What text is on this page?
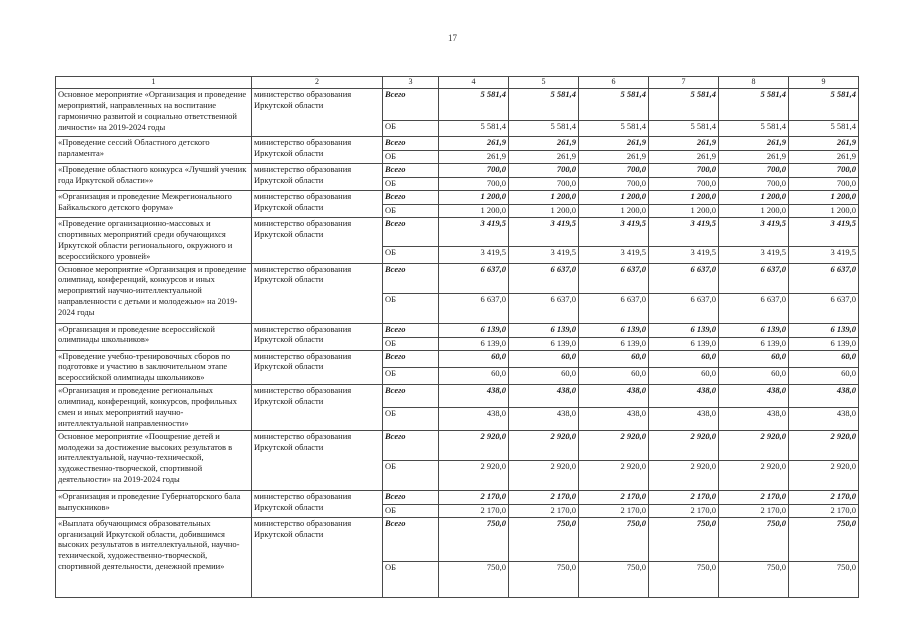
17
1	2	3	4	5	6	7	8	9
Основное мероприятие «Организация и проведение мероприятий, направленных на воспитание гармонично развитой и социально ответственной личности» на 2019-2024 годы	министерство образования Иркутской области	Всего	5 581,4	5 581,4	5 581,4	5 581,4	5 581,4	5 581,4
		ОБ	5 581,4	5 581,4	5 581,4	5 581,4	5 581,4	5 581,4
«Проведение сессий Областного детского парламента»	министерство образования Иркутской области	Всего	261,9	261,9	261,9	261,9	261,9	261,9
		ОБ	261,9	261,9	261,9	261,9	261,9	261,9
«Проведение областного конкурса «Лучший ученик года Иркутской области»»	министерство образования Иркутской области	Всего	700,0	700,0	700,0	700,0	700,0	700,0
		ОБ	700,0	700,0	700,0	700,0	700,0	700,0
«Организация и проведение Межрегионального Байкальского детского форума»	министерство образования Иркутской области	Всего	1 200,0	1 200,0	1 200,0	1 200,0	1 200,0	1 200,0
		ОБ	1 200,0	1 200,0	1 200,0	1 200,0	1 200,0	1 200,0
«Проведение организационно-массовых и спортивных мероприятий среди обучающихся Иркутской области регионального, окружного и всероссийского уровней»	министерство образования Иркутской области	Всего	3 419,5	3 419,5	3 419,5	3 419,5	3 419,5	3 419,5
		ОБ	3 419,5	3 419,5	3 419,5	3 419,5	3 419,5	3 419,5
Основное мероприятие «Организация и проведение олимпиад, конференций, конкурсов и иных мероприятий научно-интеллектуальной направленности с детьми и молодежью» на 2019-2024 годы	министерство образования Иркутской области	Всего	6 637,0	6 637,0	6 637,0	6 637,0	6 637,0	6 637,0
		ОБ	6 637,0	6 637,0	6 637,0	6 637,0	6 637,0	6 637,0
«Организация и проведение всероссийской олимпиады школьников»	министерство образования Иркутской области	Всего	6 139,0	6 139,0	6 139,0	6 139,0	6 139,0	6 139,0
		ОБ	6 139,0	6 139,0	6 139,0	6 139,0	6 139,0	6 139,0
«Проведение учебно-тренировочных сборов по подготовке и участию в заключительном этапе всероссийской олимпиады школьников»	министерство образования Иркутской области	Всего	60,0	60,0	60,0	60,0	60,0	60,0
		ОБ	60,0	60,0	60,0	60,0	60,0	60,0
«Организация и проведение региональных олимпиад, конференций, конкурсов, профильных смен и иных мероприятий научно-интеллектуальной направленности»	министерство образования Иркутской области	Всего	438,0	438,0	438,0	438,0	438,0	438,0
		ОБ	438,0	438,0	438,0	438,0	438,0	438,0
Основное мероприятие «Поощрение детей и молодежи за достижение высоких результатов в интеллектуальной, научно-технической, художественно-творческой, спортивной деятельности» на 2019-2024 годы	министерство образования Иркутской области	Всего	2 920,0	2 920,0	2 920,0	2 920,0	2 920,0	2 920,0
		ОБ	2 920,0	2 920,0	2 920,0	2 920,0	2 920,0	2 920,0
«Организация и проведение Губернаторского бала выпускников»	министерство образования Иркутской области	Всего	2 170,0	2 170,0	2 170,0	2 170,0	2 170,0	2 170,0
		ОБ	2 170,0	2 170,0	2 170,0	2 170,0	2 170,0	2 170,0
«Выплата обучающимся образовательных организаций Иркутской области, добившимся высоких результатов в интеллектуальной, научно-технической, художественно-творческой, спортивной деятельности, денежной премии»	министерство образования Иркутской области	Всего	750,0	750,0	750,0	750,0	750,0	750,0
		ОБ	750,0	750,0	750,0	750,0	750,0	750,0
